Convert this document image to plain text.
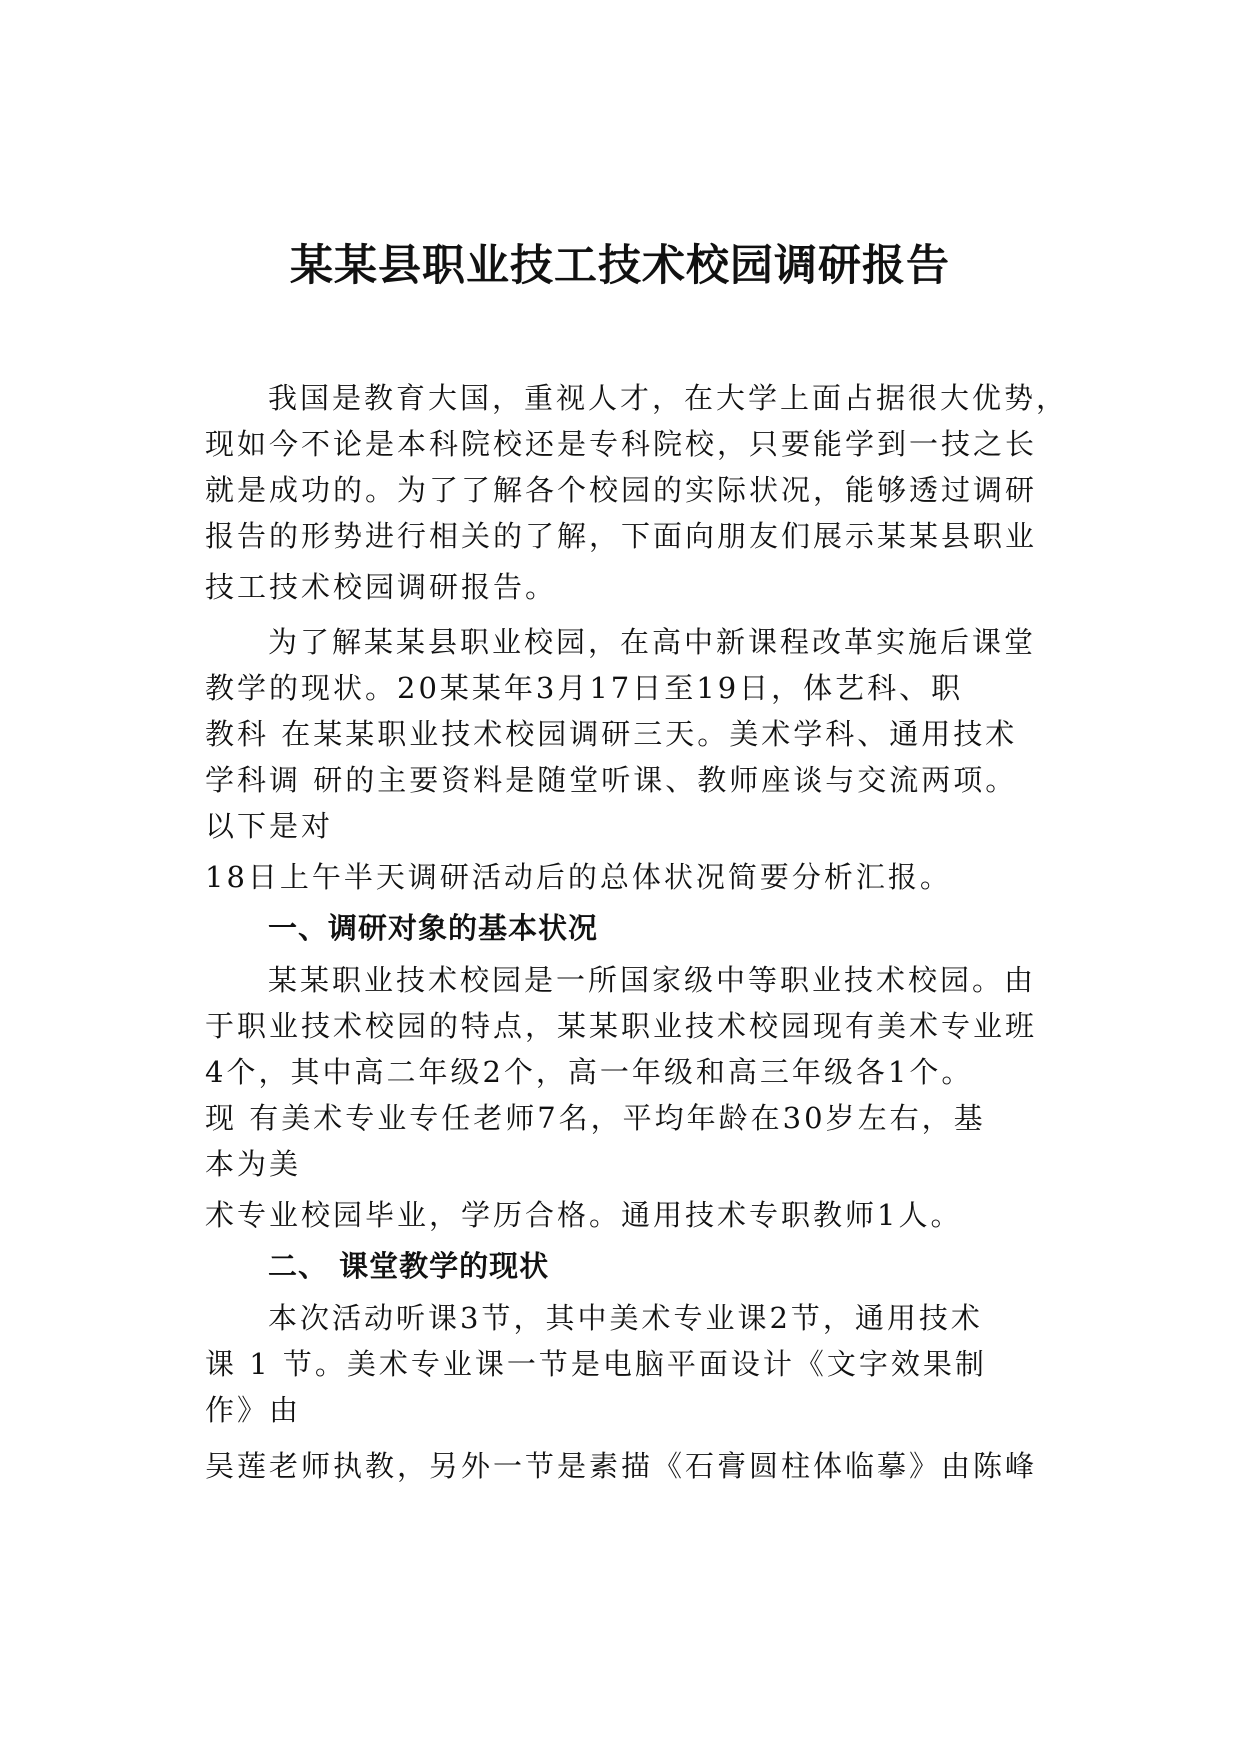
某某县职业技工技术校园调研报告
我国是教育大国，重视人才，在大学上面占据很大优势，
现如今不论是本科院校还是专科院校，只要能学到一技之长
就是成功的。为了了解各个校园的实际状况，能够透过调研
报告的形势进行相关的了解，下面向朋友们展示某某县职业
技工技术校园调研报告。
为了解某某县职业校园，在高中新课程改革实施后课堂
教学的现状。20某某年3月17日至19日，体艺科、职
教科 在某某职业技术校园调研三天。美术学科、通用技术
学科调 研的主要资料是随堂听课、教师座谈与交流两项。
以下是对
18日上午半天调研活动后的总体状况简要分析汇报。
一、调研对象的基本状况
某某职业技术校园是一所国家级中等职业技术校园。由
于职业技术校园的特点，某某职业技术校园现有美术专业班
4个，其中高二年级2个，高一年级和高三年级各1个。
现 有美术专业专任老师7名，平均年龄在30岁左右，基
本为美
术专业校园毕业，学历合格。通用技术专职教师1人。
二、 课堂教学的现状
本次活动听课3节，其中美术专业课2节，通用技术
课 1 节。美术专业课一节是电脑平面设计《文字效果制
作》由
吴莲老师执教，另外一节是素描《石膏圆柱体临摹》由陈峰
